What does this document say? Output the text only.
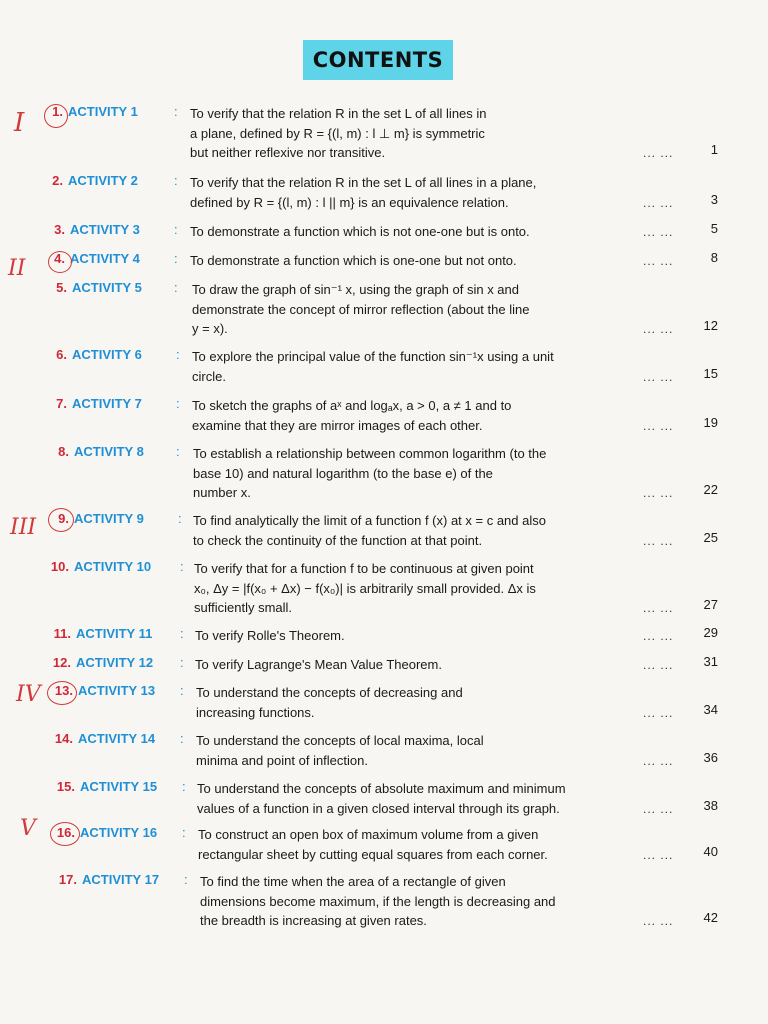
CONTENTS
1. ACTIVITY 1	: To verify that the relation R in the set L of all lines in
a plane, defined by R = {(l, m) : l ⊥ m} is symmetric
but neither reflexive nor transitive.	... ...	1
2. ACTIVITY 2	: To verify that the relation R in the set L of all lines in a plane,
defined by R = {(l, m) : l || m} is an equivalence relation.	... ...	3
3. ACTIVITY 3	: To demonstrate a function which is not one-one but is onto.	... ...	5
4. ACTIVITY 4	: To demonstrate a function which is one-one but not onto.	... ...	8
5. ACTIVITY 5 : To draw the graph of sin⁻¹ x, using the graph of sin x and
demonstrate the concept of mirror reflection (about the line
y = x).	... ...	12
6. ACTIVITY 6	: To explore the principal value of the function sin⁻¹x using a unit
circle.	... ...	15
7. ACTIVITY 7	: To sketch the graphs of aˣ and logₐx, a > 0, a ≠ 1 and to
examine that they are mirror images of each other.	... ...	19
8. ACTIVITY 8 : To establish a relationship between common logarithm (to the
base 10) and natural logarithm (to the base e) of the
number x.	... ...	22
9. ACTIVITY 9	: To find analytically the limit of a function f (x) at x = c and also
to check the continuity of the function at that point.	... ...	25
10. ACTIVITY 10 : To verify that for a function f to be continuous at given point
x₀, Δy = |f(x₀ + Δx) − f(x₀)| is arbitrarily small provided. Δx is
sufficiently small.	... ...	27
11. ACTIVITY 11 : To verify Rolle's Theorem.	... ...	29
12. ACTIVITY 12 : To verify Lagrange's Mean Value Theorem.	... ...	31
13. ACTIVITY 13 : To understand the concepts of decreasing and
increasing functions.	... ...	34
14. ACTIVITY 14 : To understand the concepts of local maxima, local
minima and point of inflection.	... ...	36
15. ACTIVITY 15 : To understand the concepts of absolute maximum and minimum
values of a function in a given closed interval through its graph.	... ...	38
16. ACTIVITY 16 : To construct an open box of maximum volume from a given
rectangular sheet by cutting equal squares from each corner.	... ...	40
17. ACTIVITY 17 : To find the time when the area of a rectangle of given
dimensions become maximum, if the length is decreasing and
the breadth is increasing at given rates.	... ...	42
I
II
III
IV
V
